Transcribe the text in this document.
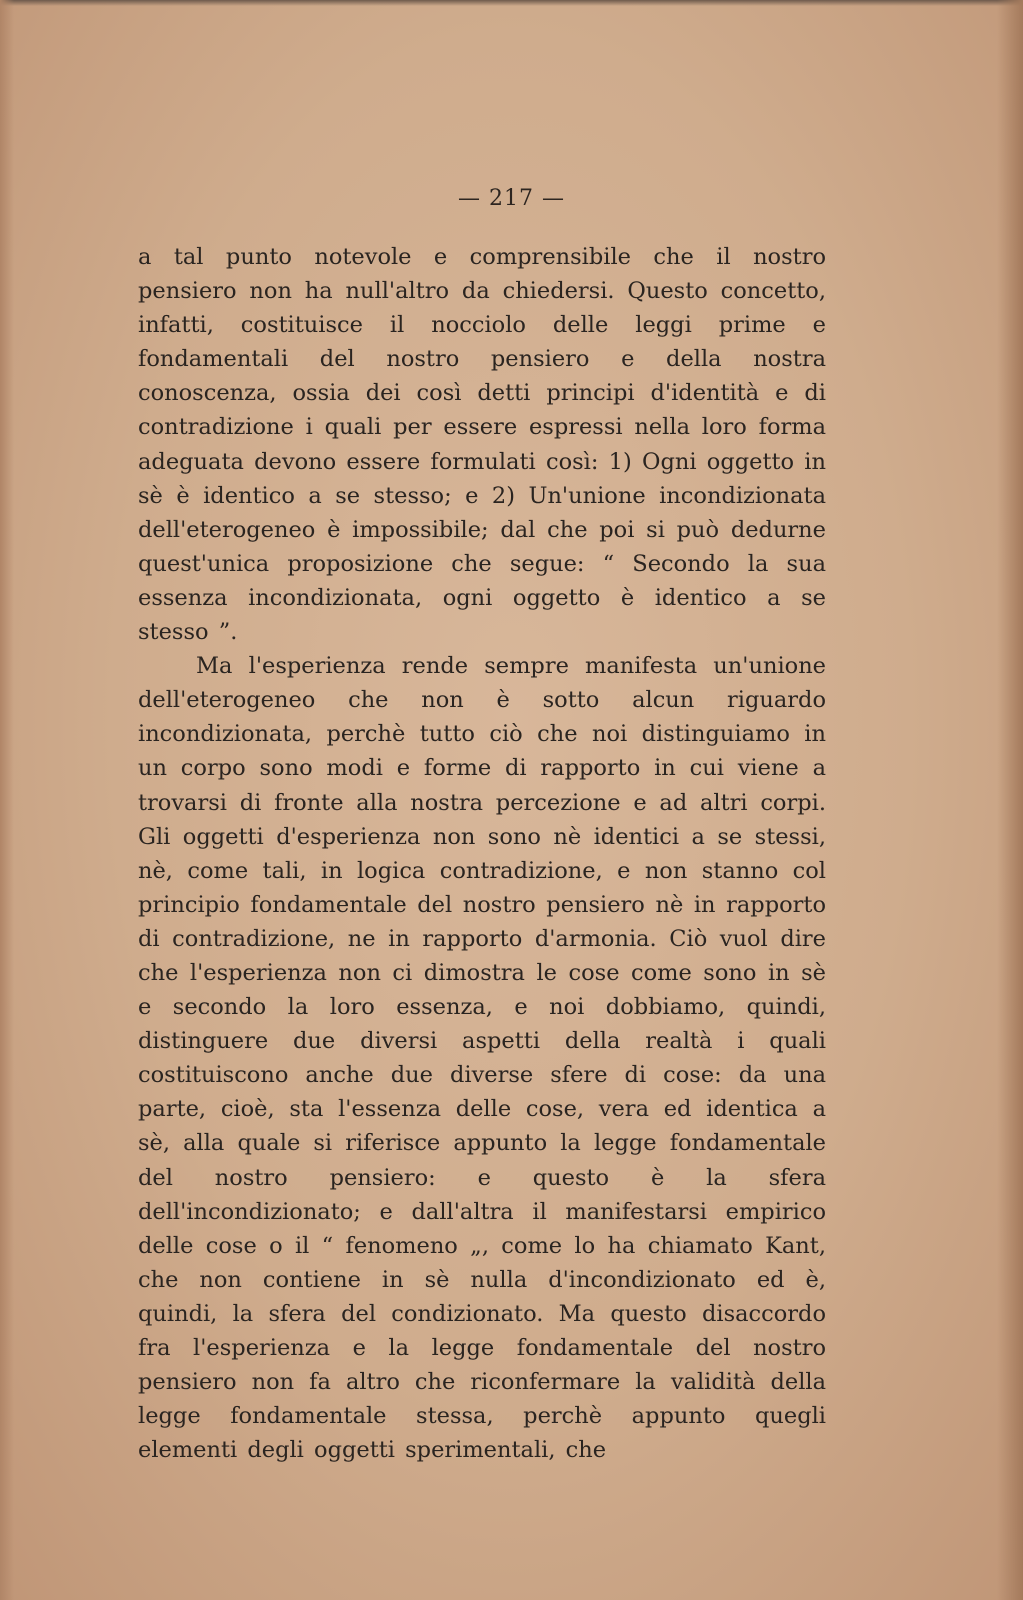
— 217 —

a tal punto notevole e comprensibile che il nostro pensiero non ha null'altro da chiedersi. Questo concetto, infatti, costituisce il nocciolo delle leggi prime e fondamentali del nostro pensiero e della nostra conoscenza, ossia dei così detti principi d'identità e di contradizione i quali per essere espressi nella loro forma adeguata devono essere formulati così: 1) Ogni oggetto in sè è identico a se stesso; e 2) Un'unione incondizionata dell'eterogeneo è impossibile; dal che poi si può dedurne quest'unica proposizione che segue: “ Secondo la sua essenza incondizionata, ogni oggetto è identico a se stesso ”.

Ma l'esperienza rende sempre manifesta un'unione dell'eterogeneo che non è sotto alcun riguardo incondizionata, perchè tutto ciò che noi distinguiamo in un corpo sono modi e forme di rapporto in cui viene a trovarsi di fronte alla nostra percezione e ad altri corpi. Gli oggetti d'esperienza non sono nè identici a se stessi, nè, come tali, in logica contradizione, e non stanno col principio fondamentale del nostro pensiero nè in rapporto di contradizione, ne in rapporto d'armonia. Ciò vuol dire che l'esperienza non ci dimostra le cose come sono in sè e secondo la loro essenza, e noi dobbiamo, quindi, distinguere due diversi aspetti della realtà i quali costituiscono anche due diverse sfere di cose: da una parte, cioè, sta l'essenza delle cose, vera ed identica a sè, alla quale si riferisce appunto la legge fondamentale del nostro pensiero: e questo è la sfera dell'incondizionato; e dall'altra il manifestarsi empirico delle cose o il “ fenomeno „, come lo ha chiamato Kant, che non contiene in sè nulla d'incondizionato ed è, quindi, la sfera del condizionato. Ma questo disaccordo fra l'esperienza e la legge fondamentale del nostro pensiero non fa altro che riconfermare la validità della legge fondamentale stessa, perchè appunto quegli elementi degli oggetti sperimentali, che
